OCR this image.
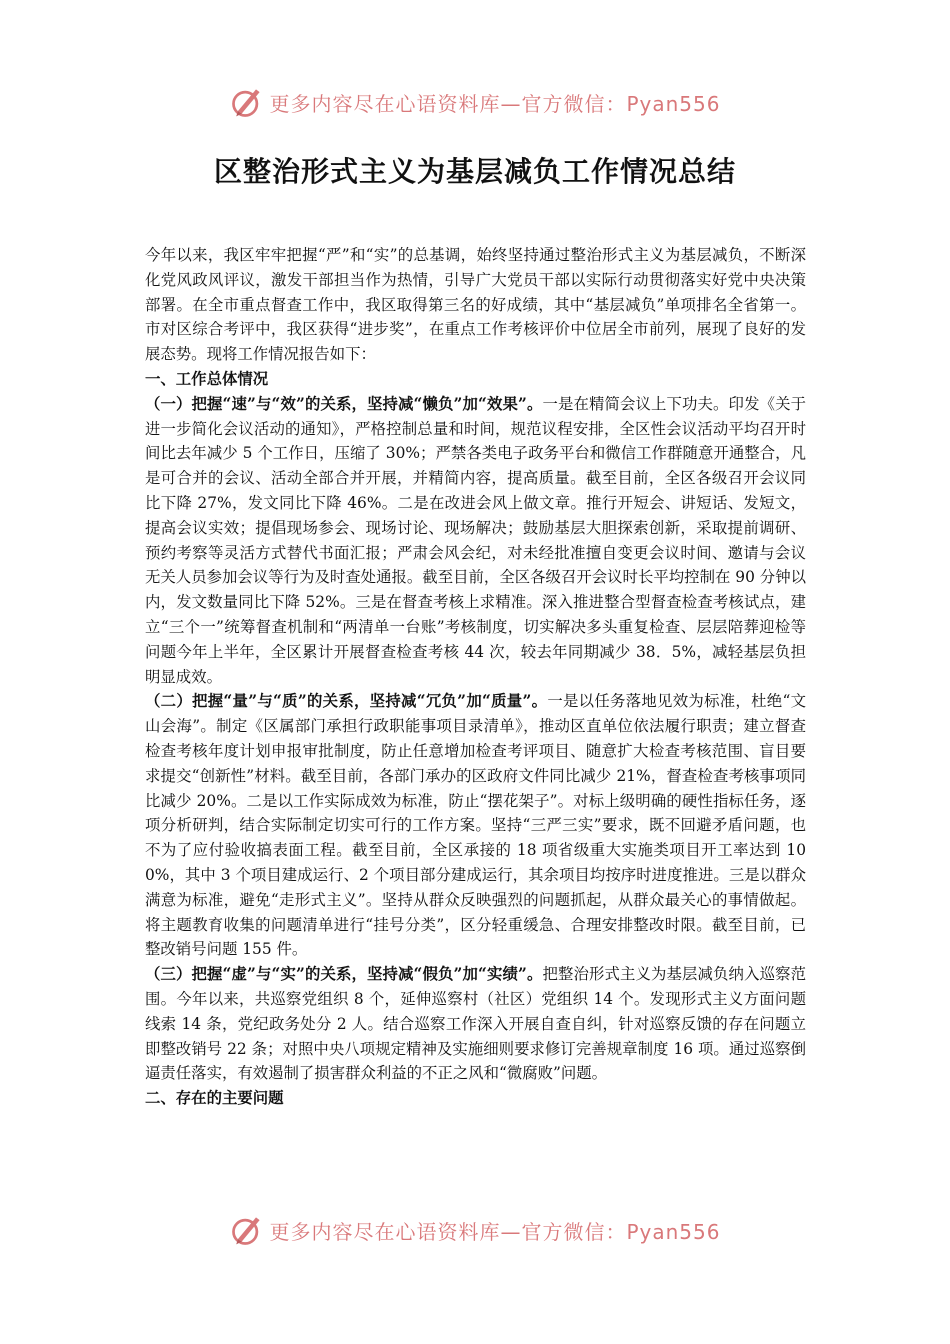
更多内容尽在心语资料库—官方微信：Pyan556
区整治形式主义为基层减负工作情况总结

今年以来，我区牢牢把握“严”和“实”的总基调，始终坚持通过整治形式主义为基层减负，不断深化党风政风评议，激发干部担当作为热情，引导广大党员干部以实际行动贯彻落实好党中央决策部署。在全市重点督查工作中，我区取得第三名的好成绩，其中“基层减负”单项排名全省第一。市对区综合考评中，我区获得“进步奖”，在重点工作考核评价中位居全市前列，展现了良好的发展态势。现将工作情况报告如下：

一、工作总体情况

（一）把握“速”与“效”的关系，坚持减“懒负”加“效果”。一是在精简会议上下功夫。印发《关于进一步简化会议活动的通知》，严格控制总量和时间，规范议程安排，全区性会议活动平均召开时间比去年减少 5 个工作日，压缩了 30%；严禁各类电子政务平台和微信工作群随意开通整合，凡是可合并的会议、活动全部合并开展，并精简内容，提高质量。截至目前，全区各级召开会议同比下降 27%，发文同比下降 46%。二是在改进会风上做文章。推行开短会、讲短话、发短文，提高会议实效；提倡现场参会、现场讨论、现场解决；鼓励基层大胆探索创新，采取提前调研、预约考察等灵活方式替代书面汇报；严肃会风会纪，对未经批准擅自变更会议时间、邀请与会议无关人员参加会议等行为及时查处通报。截至目前，全区各级召开会议时长平均控制在 90 分钟以内，发文数量同比下降 52%。三是在督查考核上求精准。深入推进整合型督查检查考核试点，建立“三个一”统筹督查机制和“两清单一台账”考核制度，切实解决多头重复检查、层层陪葬迎检等问题今年上半年，全区累计开展督查检查考核 44 次，较去年同期减少 38．5%，减轻基层负担明显成效。

（二）把握“量”与“质”的关系，坚持减“冗负”加“质量”。一是以任务落地见效为标准，杜绝“文山会海”。制定《区属部门承担行政职能事项目录清单》，推动区直单位依法履行职责；建立督查检查考核年度计划申报审批制度，防止任意增加检查考评项目、随意扩大检查考核范围、盲目要求提交“创新性”材料。截至目前，各部门承办的区政府文件同比减少 21%，督查检查考核事项同比减少 20%。二是以工作实际成效为标准，防止“摆花架子”。对标上级明确的硬性指标任务，逐项分析研判，结合实际制定切实可行的工作方案。坚持“三严三实”要求，既不回避矛盾问题，也不为了应付验收搞表面工程。截至目前，全区承接的 18 项省级重大实施类项目开工率达到 100%，其中 3 个项目建成运行、2 个项目部分建成运行，其余项目均按序时进度推进。三是以群众满意为标准，避免“走形式主义”。坚持从群众反映强烈的问题抓起，从群众最关心的事情做起。将主题教育收集的问题清单进行“挂号分类”，区分轻重缓急、合理安排整改时限。截至目前，已整改销号问题 155 件。

（三）把握“虚”与“实”的关系，坚持减“假负”加“实绩”。把整治形式主义为基层减负纳入巡察范围。今年以来，共巡察党组织 8 个，延伸巡察村（社区）党组织 14 个。发现形式主义方面问题线索 14 条，党纪政务处分 2 人。结合巡察工作深入开展自查自纠，针对巡察反馈的存在问题立即整改销号 22 条；对照中央八项规定精神及实施细则要求修订完善规章制度 16 项。通过巡察倒逼责任落实，有效遏制了损害群众利益的不正之风和“微腐败”问题。

二、存在的主要问题

更多内容尽在心语资料库—官方微信：Pyan556
